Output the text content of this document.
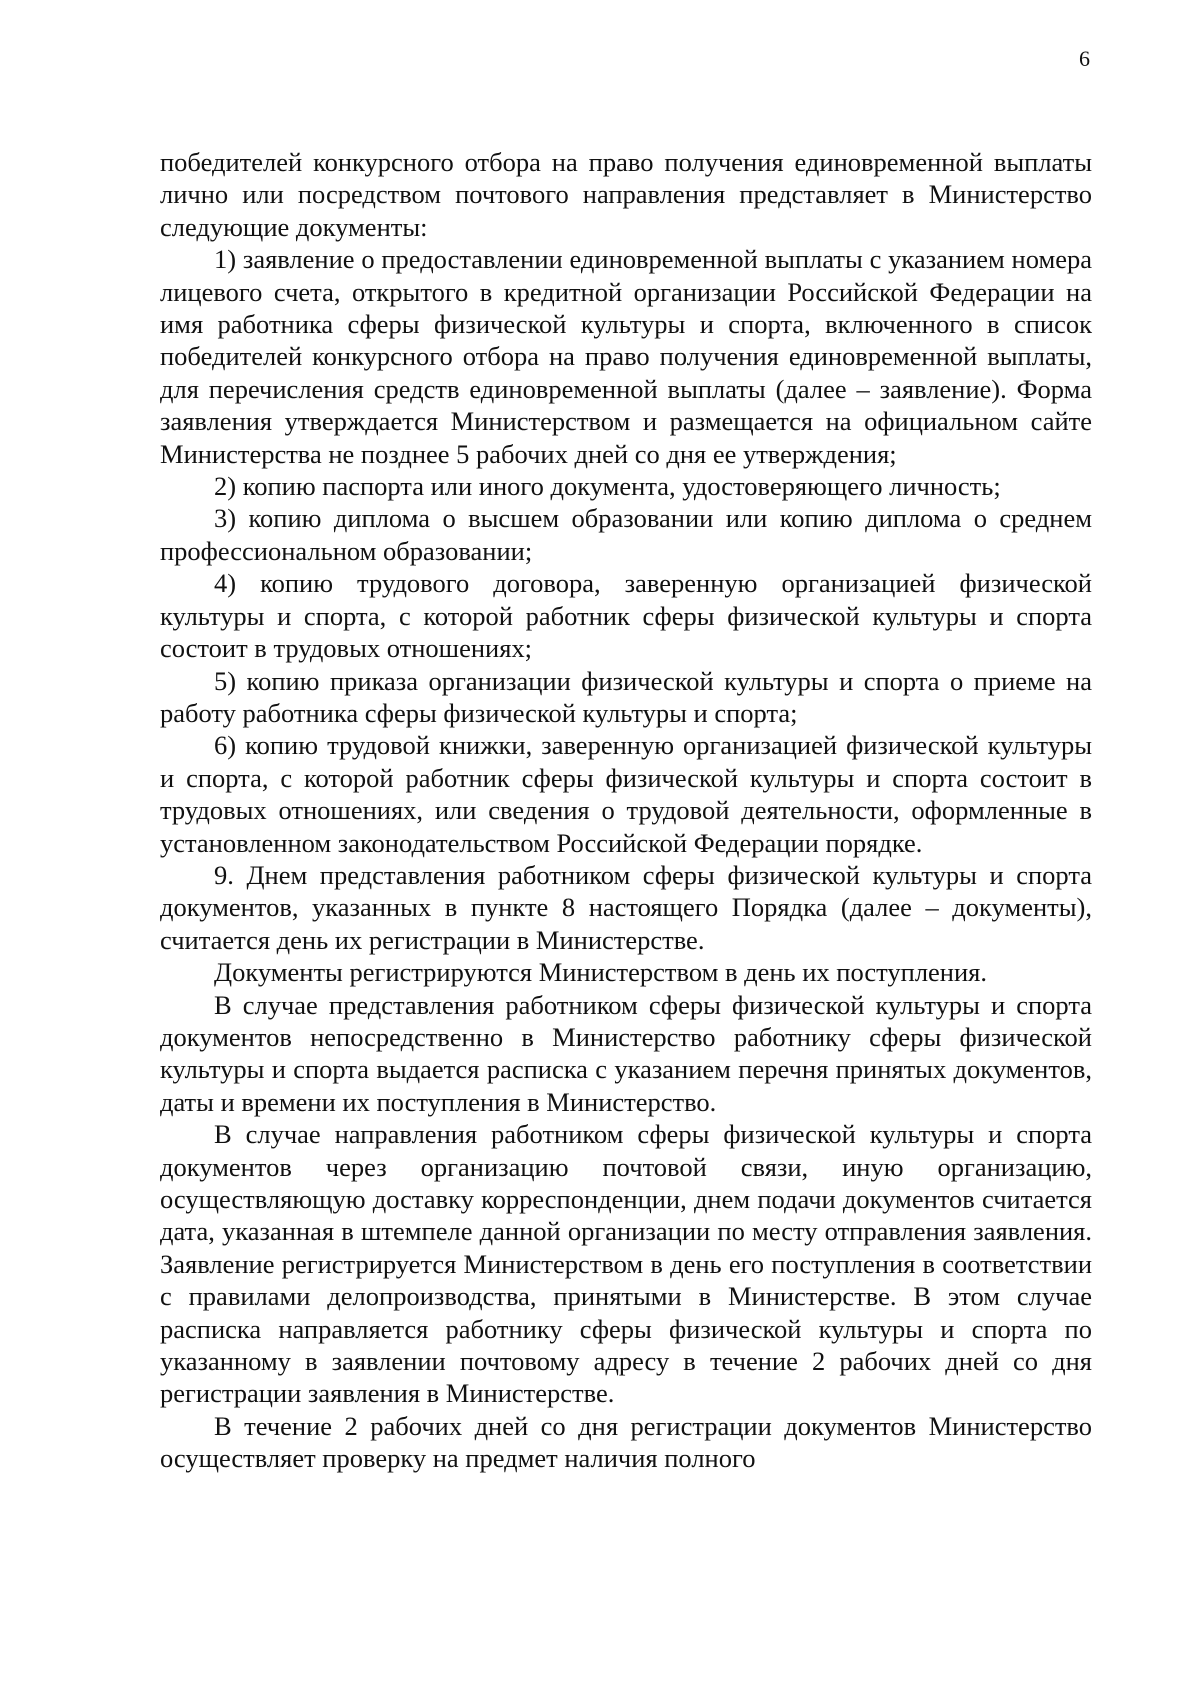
6

победителей конкурсного отбора на право получения единовременной выплаты лично или посредством почтового направления представляет в Министерство следующие документы:

1) заявление о предоставлении единовременной выплаты с указанием номера лицевого счета, открытого в кредитной организации Российской Федерации на имя работника сферы физической культуры и спорта, включенного в список победителей конкурсного отбора на право получения единовременной выплаты, для перечисления средств единовременной выплаты (далее – заявление). Форма заявления утверждается Министерством и размещается на официальном сайте Министерства не позднее 5 рабочих дней со дня ее утверждения;

2) копию паспорта или иного документа, удостоверяющего личность;

3) копию диплома о высшем образовании или копию диплома о среднем профессиональном образовании;

4) копию трудового договора, заверенную организацией физической культуры и спорта, с которой работник сферы физической культуры и спорта состоит в трудовых отношениях;

5) копию приказа организации физической культуры и спорта о приеме на работу работника сферы физической культуры и спорта;

6) копию трудовой книжки, заверенную организацией физической культуры и спорта, с которой работник сферы физической культуры и спорта состоит в трудовых отношениях, или сведения о трудовой деятельности, оформленные в установленном законодательством Российской Федерации порядке.

9. Днем представления работником сферы физической культуры и спорта документов, указанных в пункте 8 настоящего Порядка (далее – документы), считается день их регистрации в Министерстве.

Документы регистрируются Министерством в день их поступления.

В случае представления работником сферы физической культуры и спорта документов непосредственно в Министерство работнику сферы физической культуры и спорта выдается расписка с указанием перечня принятых документов, даты и времени их поступления в Министерство.

В случае направления работником сферы физической культуры и спорта документов через организацию почтовой связи, иную организацию, осуществляющую доставку корреспонденции, днем подачи документов считается дата, указанная в штемпеле данной организации по месту отправления заявления. Заявление регистрируется Министерством в день его поступления в соответствии с правилами делопроизводства, принятыми в Министерстве. В этом случае расписка направляется работнику сферы физической культуры и спорта по указанному в заявлении почтовому адресу в течение 2 рабочих дней со дня регистрации заявления в Министерстве.

В течение 2 рабочих дней со дня регистрации документов Министерство осуществляет проверку на предмет наличия полного
